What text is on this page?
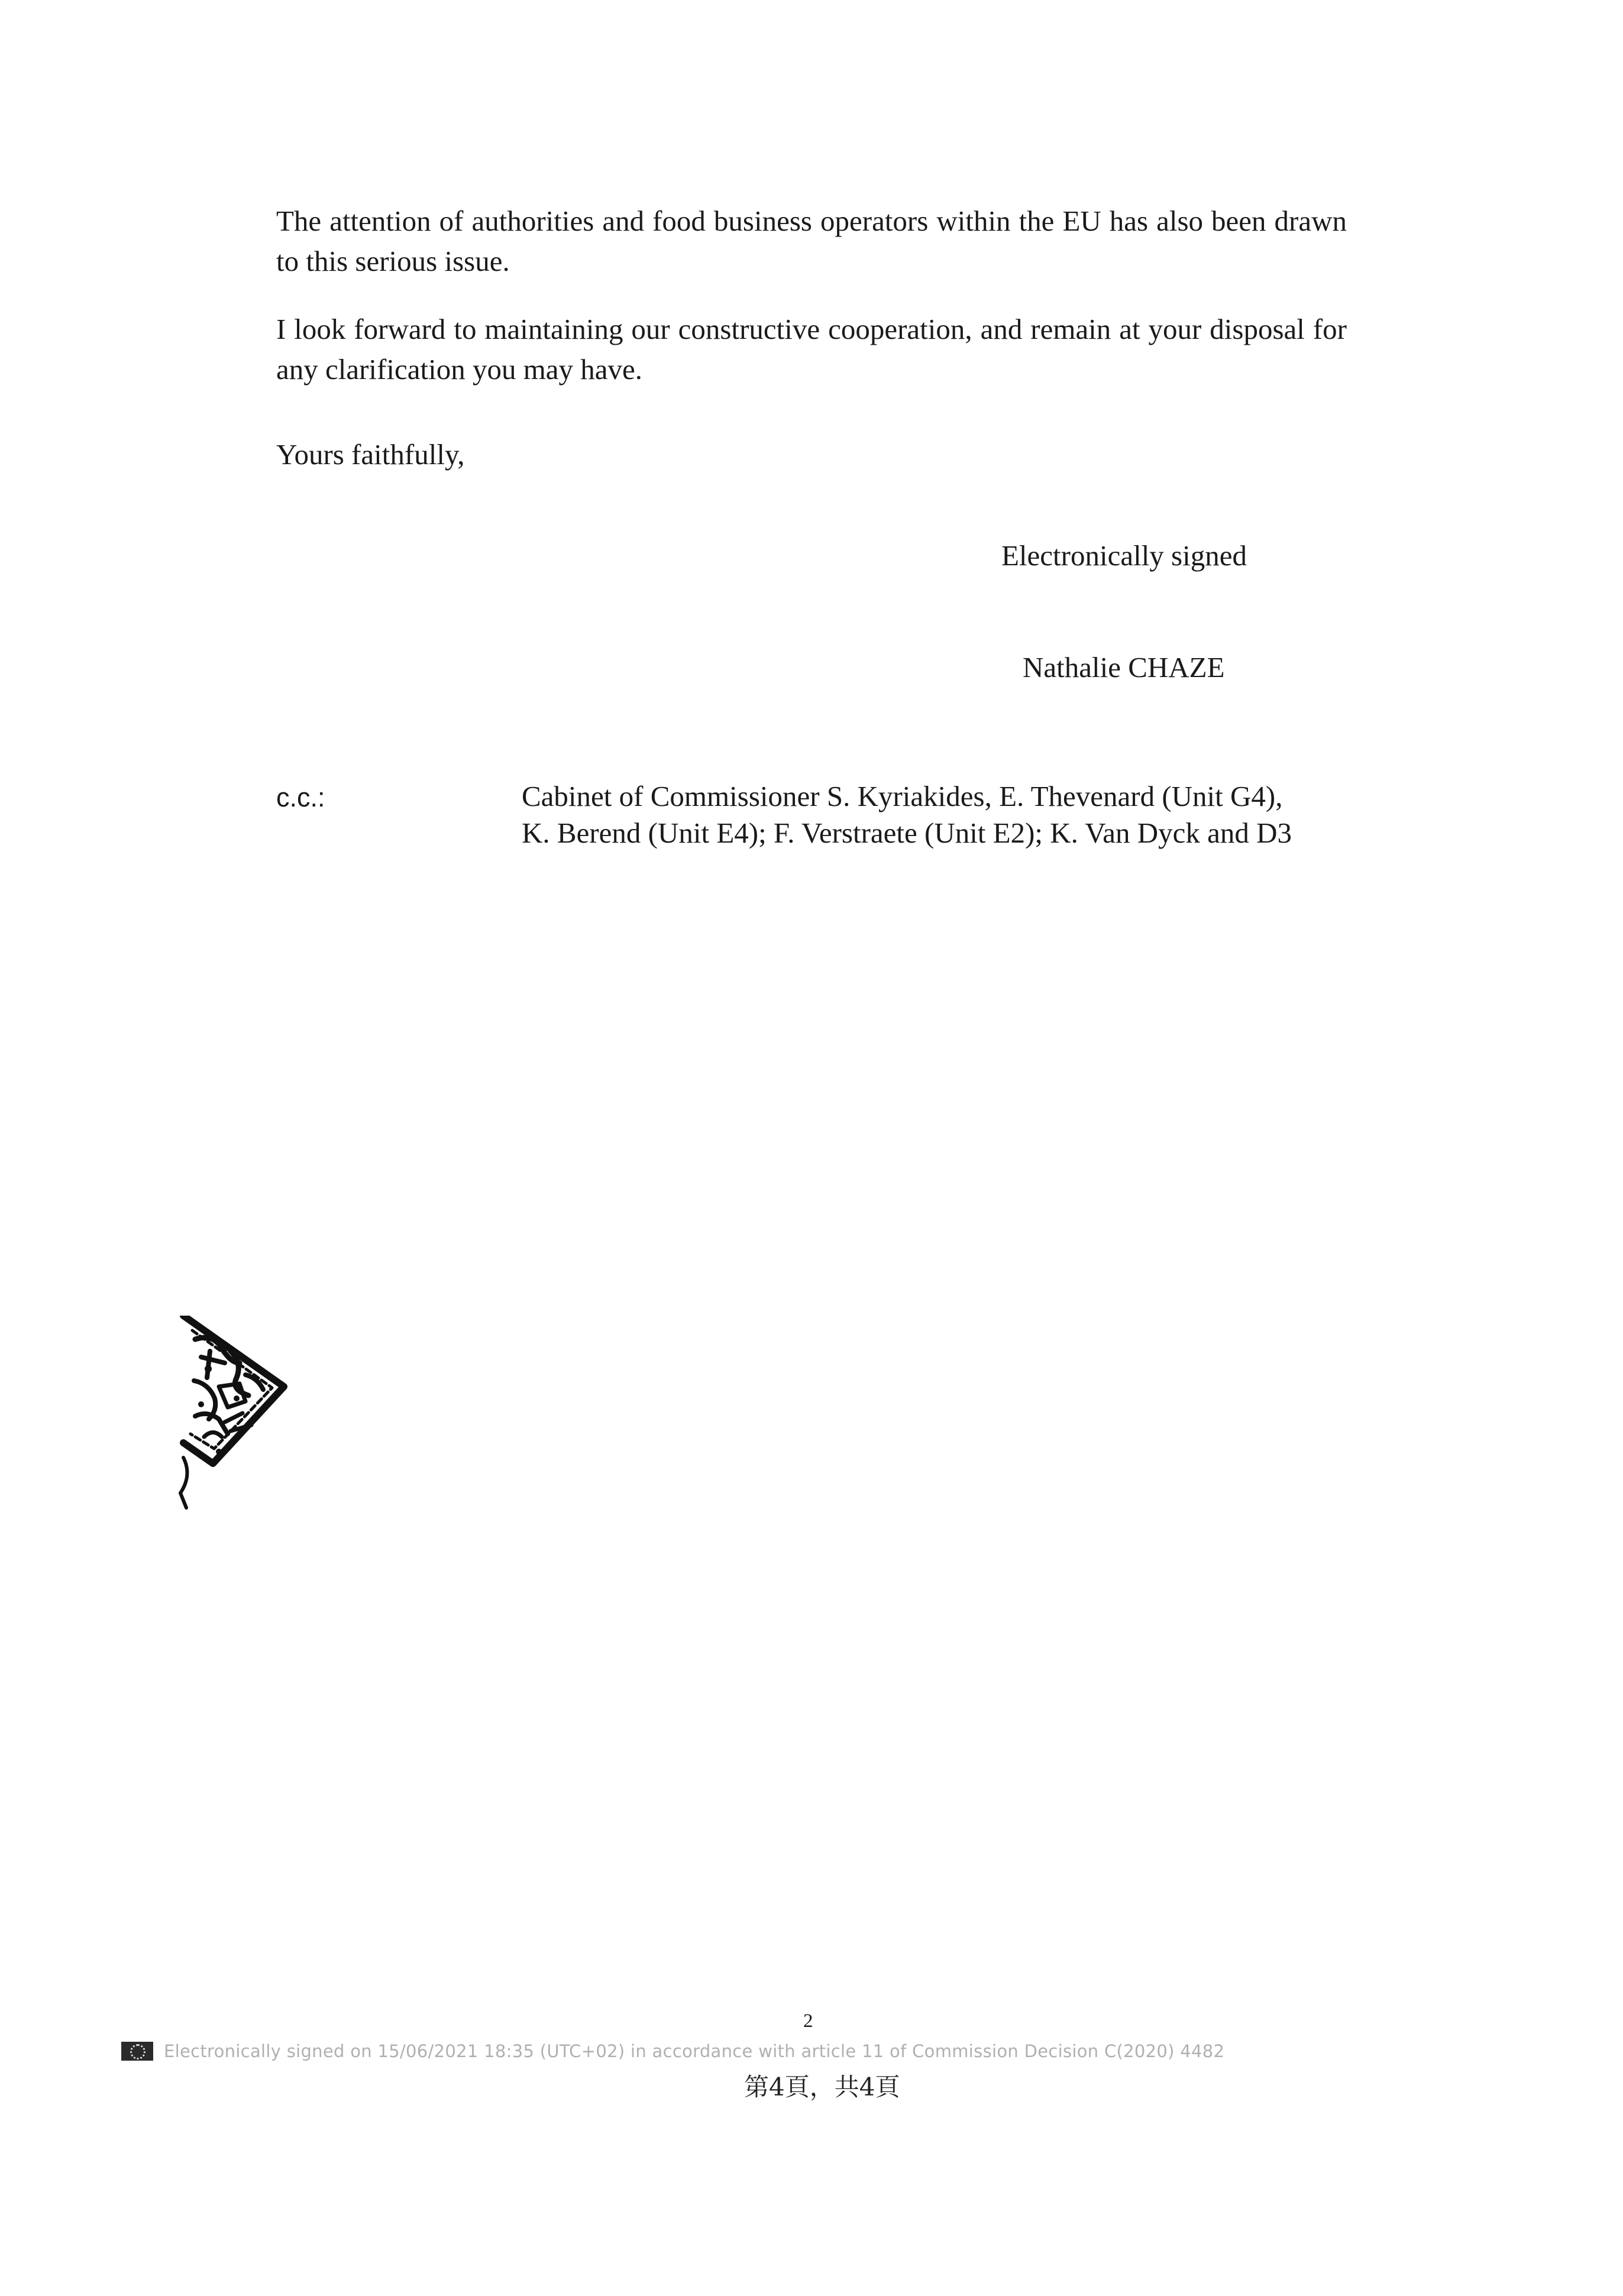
The attention of authorities and food business operators within the EU has also been drawn to this serious issue.

I look forward to maintaining our constructive cooperation, and remain at your disposal for any clarification you may have.

Yours faithfully,

Electronically signed

Nathalie CHAZE

c.c.:	Cabinet of Commissioner S. Kyriakides, E. Thevenard (Unit G4),
K. Berend (Unit E4); F. Verstraete (Unit E2); K. Van Dyck and D3

2

Electronically signed on 15/06/2021 18:35 (UTC+02) in accordance with article 11 of Commission Decision C(2020) 4482

第4頁，共4頁
